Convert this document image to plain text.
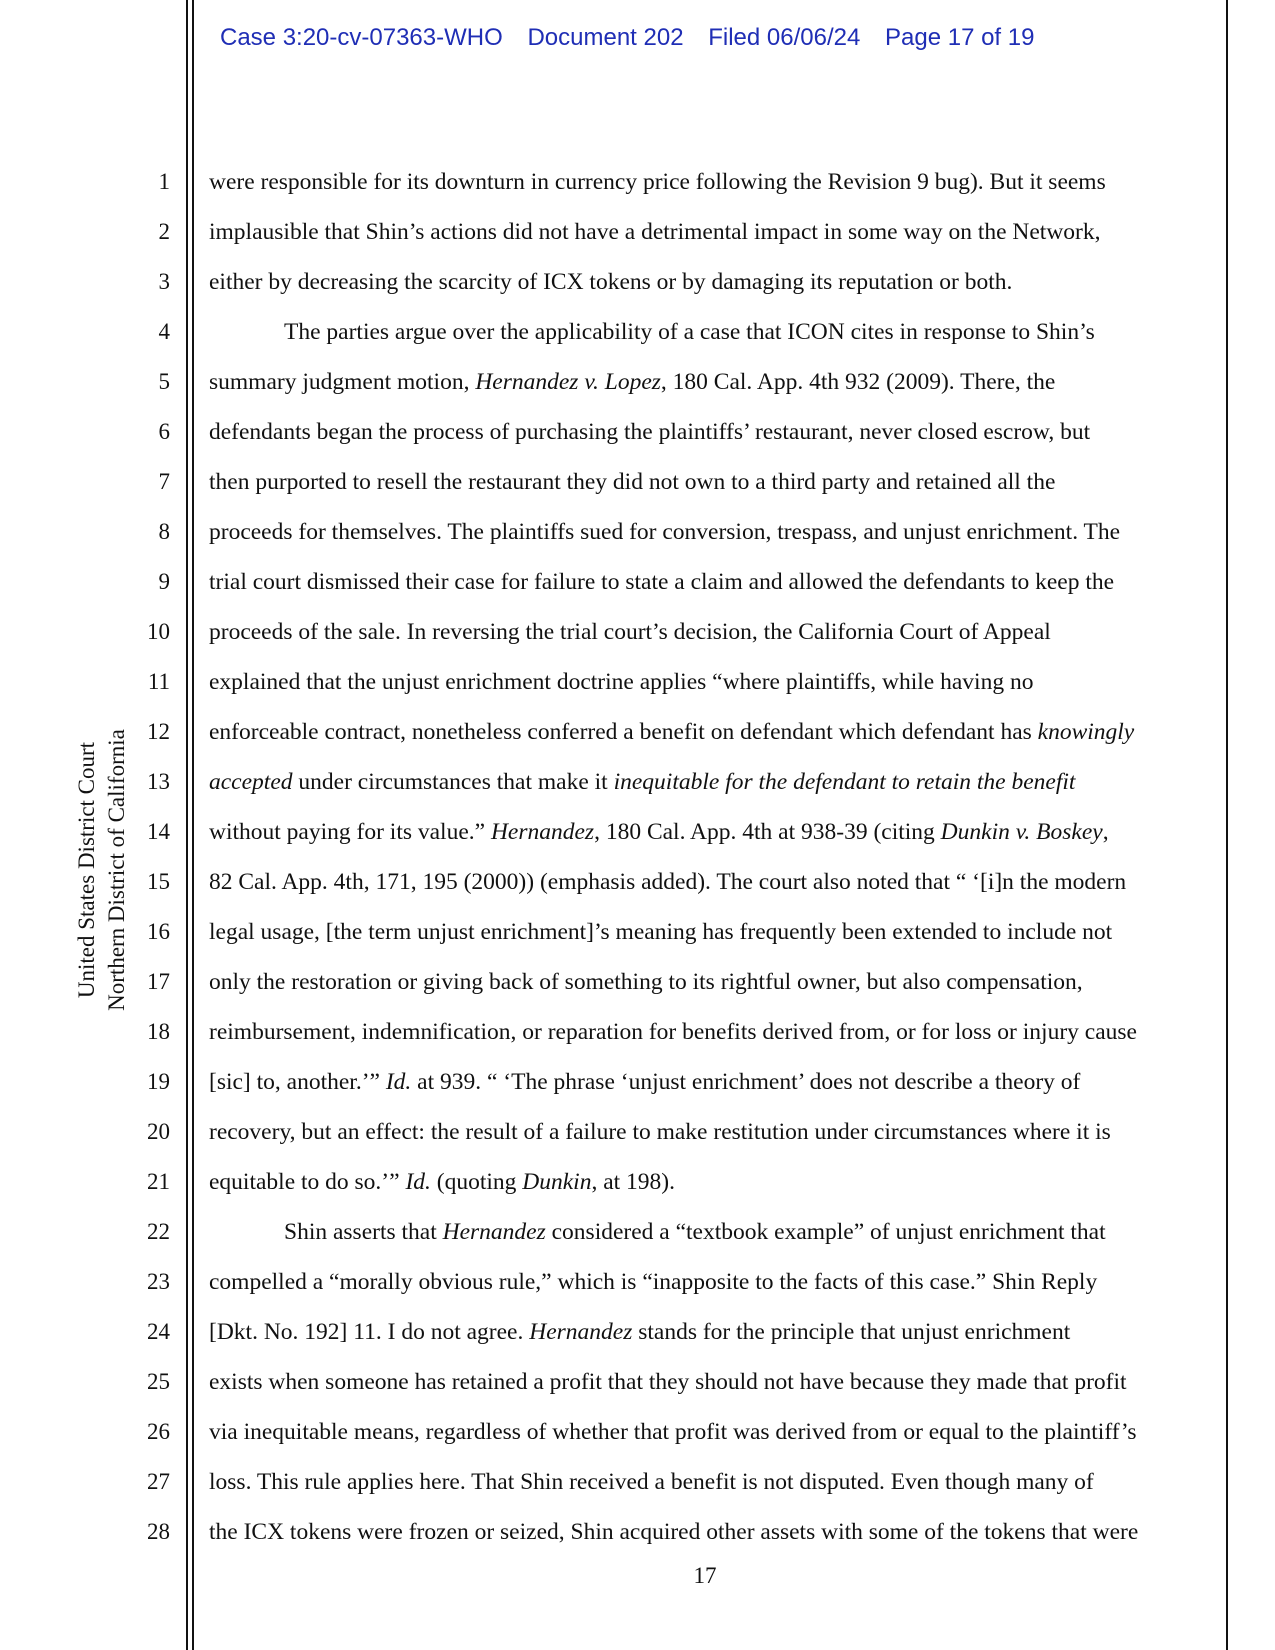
Case 3:20-cv-07363-WHO Document 202 Filed 06/06/24 Page 17 of 19
United States District Court Northern District of California
1
2
3
4
5
6
7
8
9
10
11
12
13
14
15
16
17
18
19
20
21
22
23
24
25
26
27
28
were responsible for its downturn in currency price following the Revision 9 bug). But it seems
implausible that Shin’s actions did not have a detrimental impact in some way on the Network,
either by decreasing the scarcity of ICX tokens or by damaging its reputation or both.
The parties argue over the applicability of a case that ICON cites in response to Shin’s
summary judgment motion, Hernandez v. Lopez, 180 Cal. App. 4th 932 (2009). There, the
defendants began the process of purchasing the plaintiffs’ restaurant, never closed escrow, but
then purported to resell the restaurant they did not own to a third party and retained all the
proceeds for themselves. The plaintiffs sued for conversion, trespass, and unjust enrichment. The
trial court dismissed their case for failure to state a claim and allowed the defendants to keep the
proceeds of the sale. In reversing the trial court’s decision, the California Court of Appeal
explained that the unjust enrichment doctrine applies “where plaintiffs, while having no
enforceable contract, nonetheless conferred a benefit on defendant which defendant has knowingly
accepted under circumstances that make it inequitable for the defendant to retain the benefit
without paying for its value.” Hernandez, 180 Cal. App. 4th at 938-39 (citing Dunkin v. Boskey,
82 Cal. App. 4th, 171, 195 (2000)) (emphasis added). The court also noted that “ ‘[i]n the modern
legal usage, [the term unjust enrichment]’s meaning has frequently been extended to include not
only the restoration or giving back of something to its rightful owner, but also compensation,
reimbursement, indemnification, or reparation for benefits derived from, or for loss or injury cause
[sic] to, another.’” Id. at 939. “ ‘The phrase ‘unjust enrichment’ does not describe a theory of
recovery, but an effect: the result of a failure to make restitution under circumstances where it is
equitable to do so.’” Id. (quoting Dunkin, at 198).
Shin asserts that Hernandez considered a “textbook example” of unjust enrichment that
compelled a “morally obvious rule,” which is “inapposite to the facts of this case.” Shin Reply
[Dkt. No. 192] 11. I do not agree. Hernandez stands for the principle that unjust enrichment
exists when someone has retained a profit that they should not have because they made that profit
via inequitable means, regardless of whether that profit was derived from or equal to the plaintiff’s
loss. This rule applies here. That Shin received a benefit is not disputed. Even though many of
the ICX tokens were frozen or seized, Shin acquired other assets with some of the tokens that were
17
